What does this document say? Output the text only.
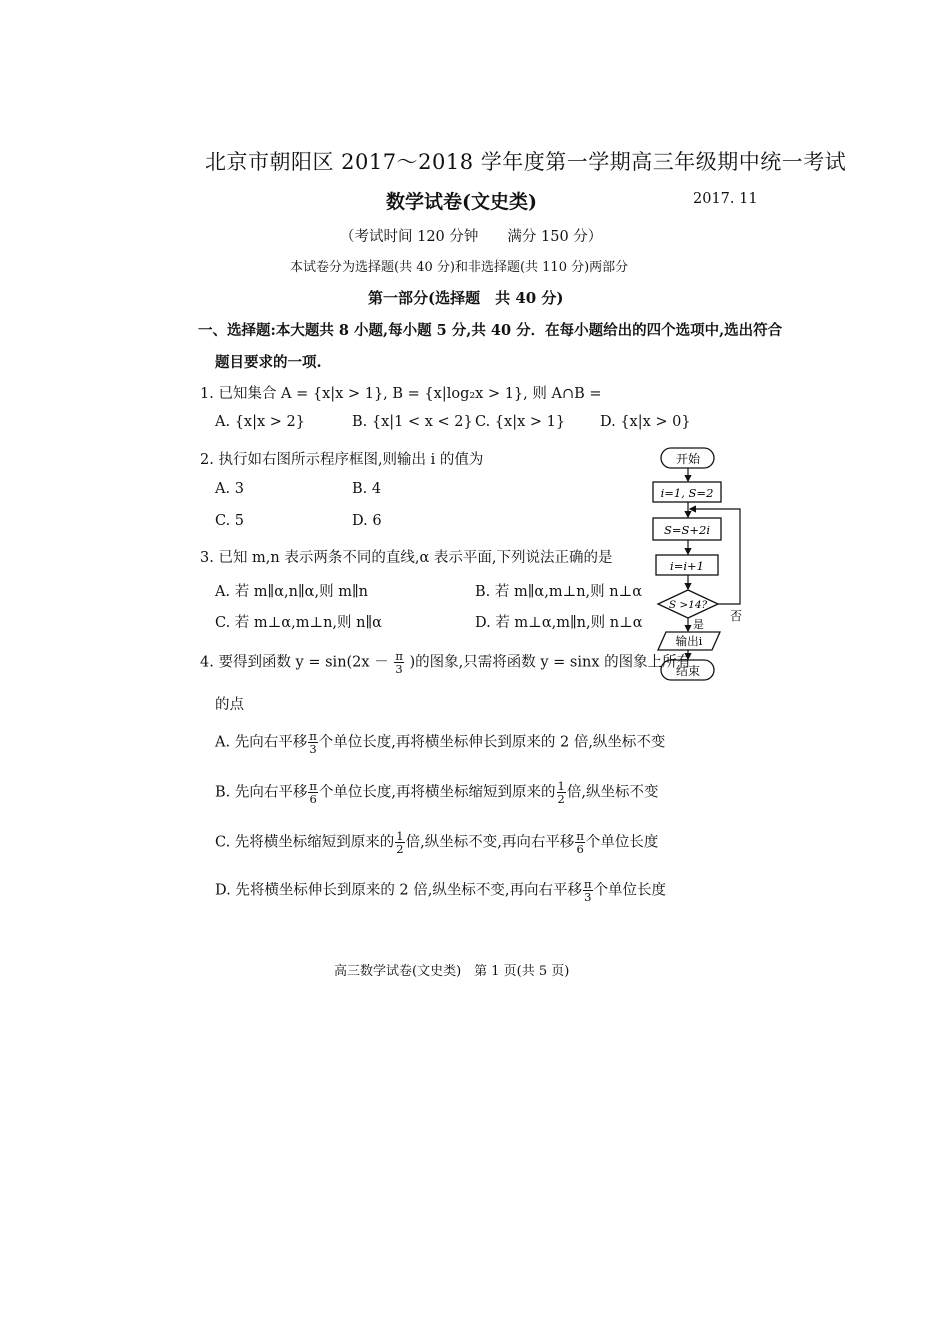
北京市朝阳区 2017～2018 学年度第一学期高三年级期中统一考试
数学试卷(文史类)	2017. 11
（考试时间 120 分钟　　满分 150 分）
本试卷分为选择题(共 40 分)和非选择题(共 110 分)两部分
第一部分(选择题　共 40 分)
一、选择题:本大题共 8 小题,每小题 5 分,共 40 分．在每小题给出的四个选项中,选出符合
题目要求的一项.
1. 已知集合 A = {x|x > 1}, B = {x|log₂x > 1}, 则 A∩B =
A. {x|x > 2}	B. {x|1 < x < 2} C. {x|x > 1} D. {x|x > 0}
2. 执行如右图所示程序框图,则输出 i 的值为
A. 3	B. 4
C. 5	D. 6
开始
i=1, S=2
S=S+2i
i=i+1
S >14?
否
是
输出i
结束
3. 已知 m,n 表示两条不同的直线,α 表示平面,下列说法正确的是
A. 若 m∥α,n∥α,则 m∥n	B. 若 m∥α,m⊥n,则 n⊥α
C. 若 m⊥α,m⊥n,则 n∥α	D. 若 m⊥α,m∥n,则 n⊥α
4. 要得到函数 $y = \sin(2x - \frac{\pi}{3}$ )的图象,只需将函数 y = sinx 的图象上所有
的点
A. 先向右平移 $\frac{\pi}{3}$ 个单位长度,再将横坐标伸长到原来的 2 倍,纵坐标不变
B. 先向右平移 $\frac{\pi}{6}$ 个单位长度,再将横坐标缩短到原来的 $\frac{1}{2}$ 倍,纵坐标不变
C. 先将横坐标缩短到原来的 $\frac{1}{2}$ 倍,纵坐标不变,再向右平移 $\frac{\pi}{6}$ 个单位长度
D. 先将横坐标伸长到原来的 2 倍,纵坐标不变,再向右平移 $\frac{\pi}{3}$ 个单位长度
高三数学试卷(文史类)　第 1 页(共 5 页)
